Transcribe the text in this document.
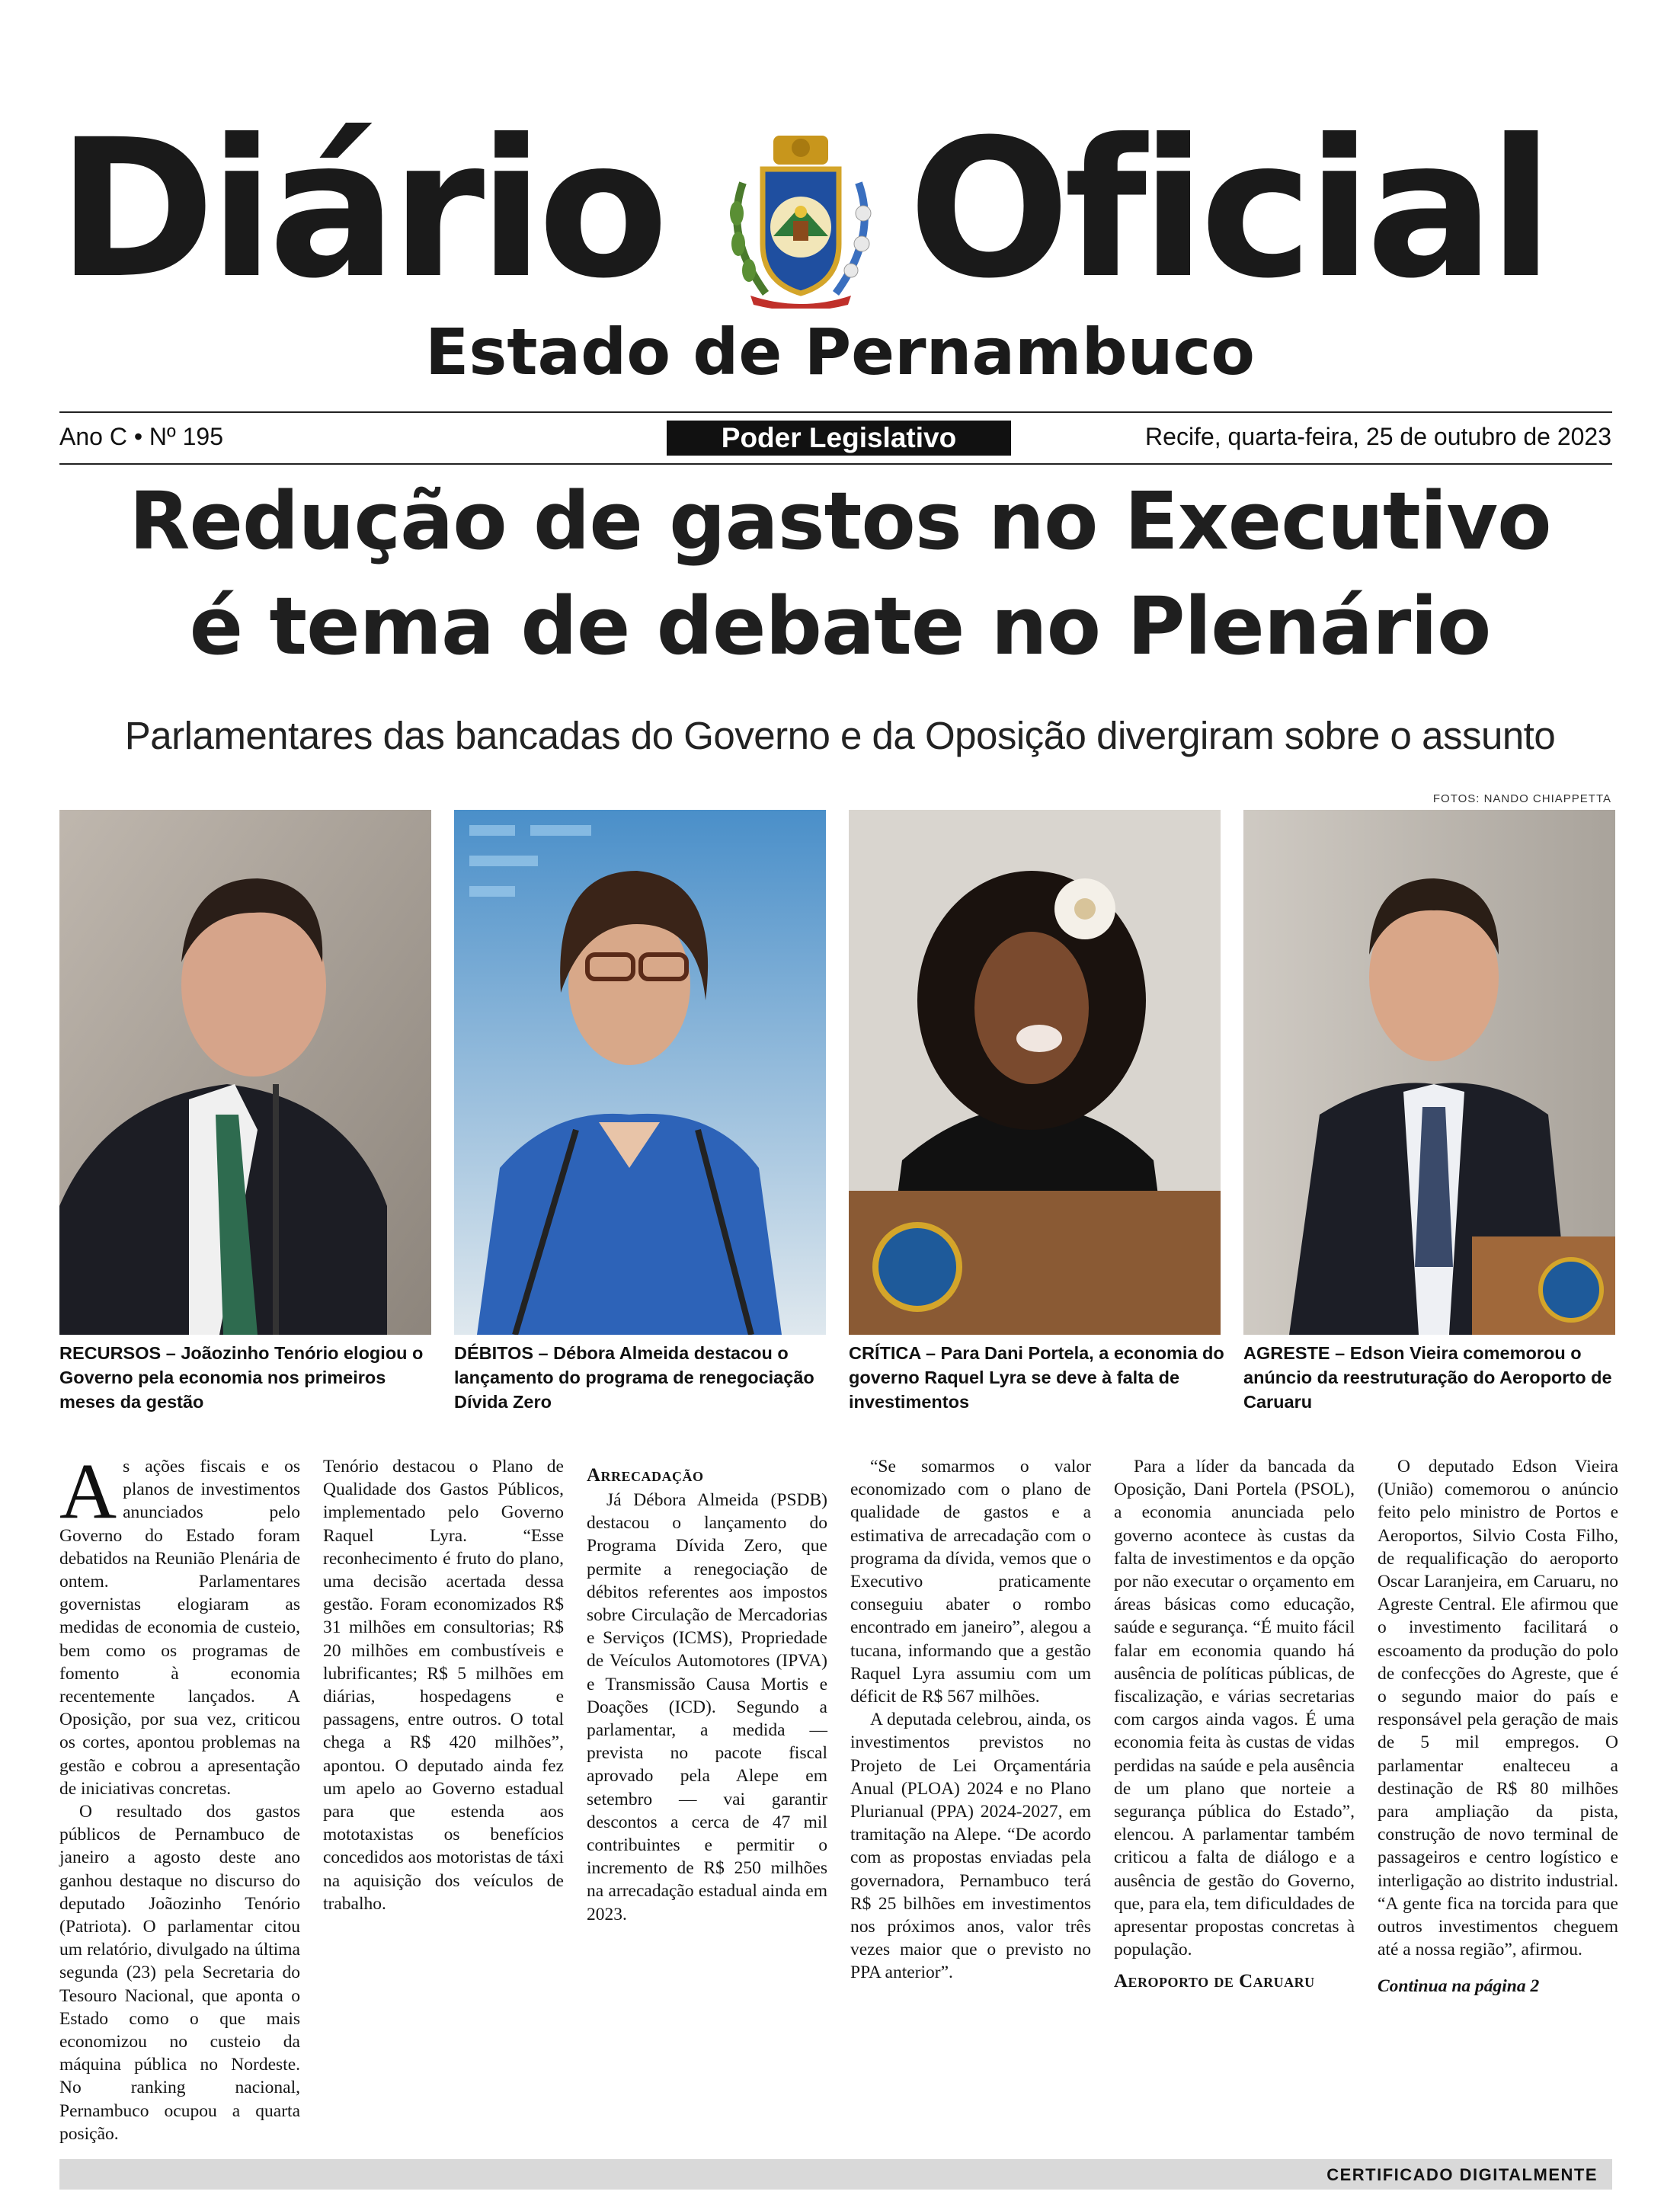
Diário Oficial
Estado de Pernambuco
Ano C • Nº 195	Poder Legislativo	Recife, quarta-feira, 25 de outubro de 2023
Redução de gastos no Executivo
é tema de debate no Plenário
Parlamentares das bancadas do Governo e da Oposição divergiram sobre o assunto
FOTOS: NANDO CHIAPPETTA
RECURSOS – Joãozinho Tenório elogiou o Governo pela economia nos primeiros meses da gestão
DÉBITOS – Débora Almeida destacou o lançamento do programa de renegociação Dívida Zero
CRÍTICA – Para Dani Portela, a economia do governo Raquel Lyra se deve à falta de investimentos
AGRESTE – Edson Vieira comemorou o anúncio da reestruturação do Aeroporto de Caruaru

As ações fiscais e os planos de investimentos anunciados pelo Governo do Estado foram debatidos na Reunião Plenária de ontem. Parlamentares governistas elogiaram as medidas de economia de custeio, bem como os programas de fomento à economia recentemente lançados. A Oposição, por sua vez, criticou os cortes, apontou problemas na gestão e cobrou a apresentação de iniciativas concretas.

O resultado dos gastos públicos de Pernambuco de janeiro a agosto deste ano ganhou destaque no discurso do deputado Joãozinho Tenório (Patriota). O parlamentar citou um relatório, divulgado na última segunda (23) pela Secretaria do Tesouro Nacional, que aponta o Estado como o que mais economizou no custeio da máquina pública no Nordeste. No ranking nacional, Pernambuco ocupou a quarta posição.

Tenório destacou o Plano de Qualidade dos Gastos Públicos, implementado pelo Governo Raquel Lyra. “Esse reconhecimento é fruto do plano, uma decisão acertada dessa gestão. Foram economizados R$ 31 milhões em consultorias; R$ 20 milhões em combustíveis e lubrificantes; R$ 5 milhões em diárias, hospedagens e passagens, entre outros. O total chega a R$ 420 milhões”, apontou. O deputado ainda fez um apelo ao Governo estadual para que estenda aos mototaxistas os benefícios concedidos aos motoristas de táxi na aquisição dos veículos de trabalho.

Arrecadação

Já Débora Almeida (PSDB) destacou o lançamento do Programa Dívida Zero, que permite a renegociação de débitos referentes aos impostos sobre Circulação de Mercadorias e Serviços (ICMS), Propriedade de Veículos Automotores (IPVA) e Transmissão Causa Mortis e Doações (ICD). Segundo a parlamentar, a medida — prevista no pacote fiscal aprovado pela Alepe em setembro — vai garantir descontos a cerca de 47 mil contribuintes e permitir o incremento de R$ 250 milhões na arrecadação estadual ainda em 2023.

“Se somarmos o valor economizado com o plano de qualidade de gastos e a estimativa de arrecadação com o programa da dívida, vemos que o Executivo praticamente conseguiu abater o rombo encontrado em janeiro”, alegou a tucana, informando que a gestão Raquel Lyra assumiu com um déficit de R$ 567 milhões.

A deputada celebrou, ainda, os investimentos previstos no Projeto de Lei Orçamentária Anual (PLOA) 2024 e no Plano Plurianual (PPA) 2024-2027, em tramitação na Alepe. “De acordo com as propostas enviadas pela governadora, Pernambuco terá R$ 25 bilhões em investimentos nos próximos anos, valor três vezes maior que o previsto no PPA anterior”.

Para a líder da bancada da Oposição, Dani Portela (PSOL), a economia anunciada pelo governo acontece às custas da falta de investimentos e da opção por não executar o orçamento em áreas básicas como educação, saúde e segurança. “É muito fácil falar em economia quando há ausência de políticas públicas, de fiscalização, e várias secretarias com cargos ainda vagos. É uma economia feita às custas de vidas perdidas na saúde e pela ausência de um plano que norteie a segurança pública do Estado”, elencou. A parlamentar também criticou a falta de diálogo e a ausência de gestão do Governo, que, para ela, tem dificuldades de apresentar propostas concretas à população.

Aeroporto de Caruaru

O deputado Edson Vieira (União) comemorou o anúncio feito pelo ministro de Portos e Aeroportos, Silvio Costa Filho, de requalificação do aeroporto Oscar Laranjeira, em Caruaru, no Agreste Central. Ele afirmou que o investimento facilitará o escoamento da produção do polo de confecções do Agreste, que é o segundo maior do país e responsável pela geração de mais de 5 mil empregos. O parlamentar enalteceu a destinação de R$ 80 milhões para ampliação da pista, construção de novo terminal de passageiros e centro logístico e interligação ao distrito industrial. “A gente fica na torcida para que outros investimentos cheguem até a nossa região”, afirmou.

Continua na página 2

CERTIFICADO DIGITALMENTE
